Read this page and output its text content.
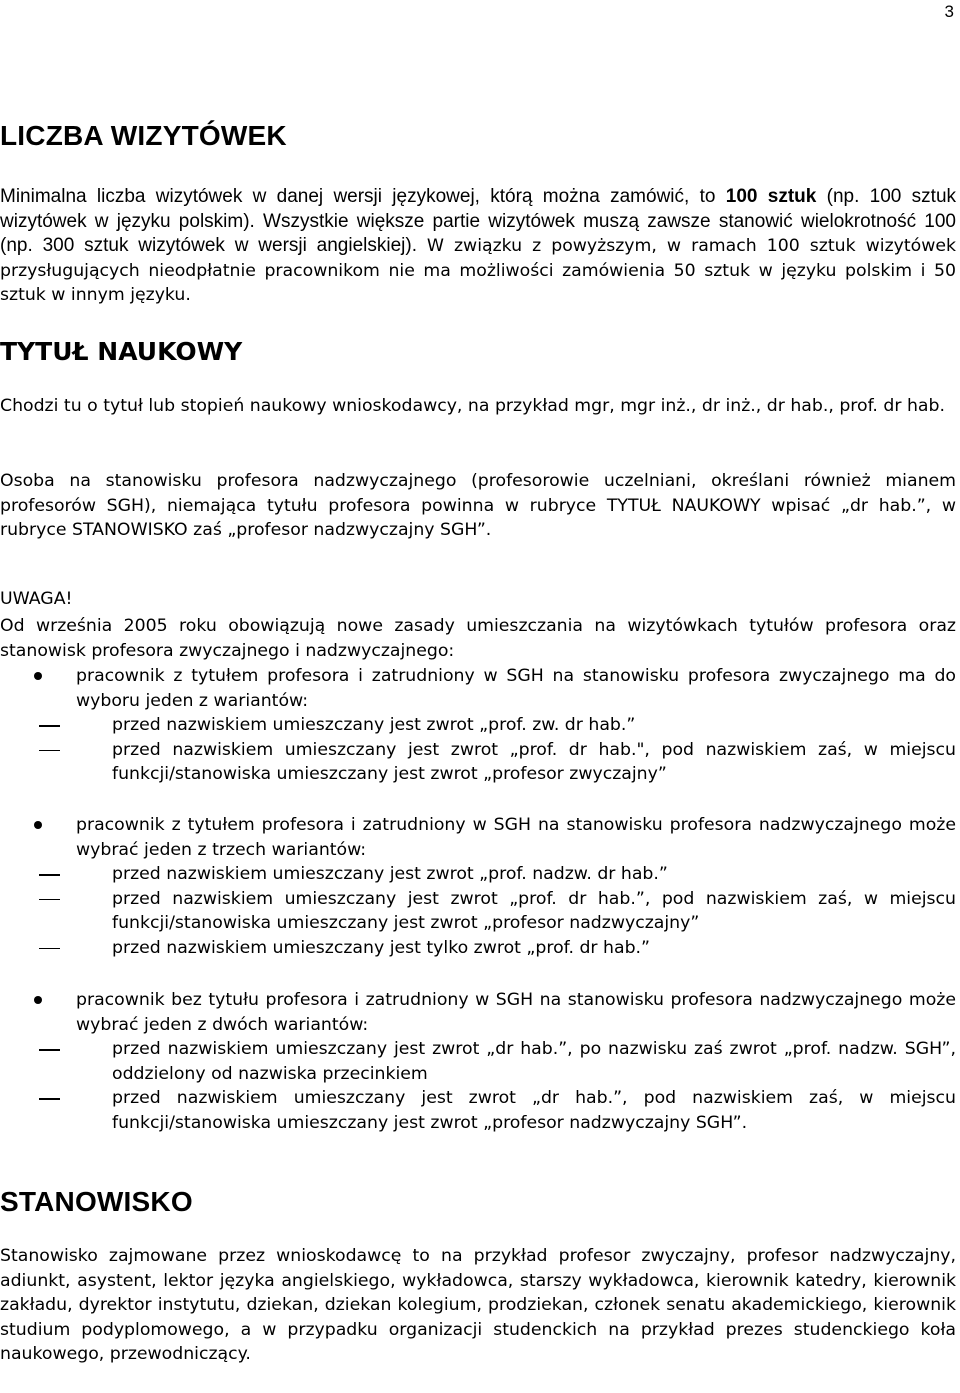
3
LICZBA WIZYTÓWEK

Minimalna liczba wizytówek w danej wersji językowej, którą można zamówić, to 100 sztuk (np. 100 sztuk wizytówek w języku polskim). Wszystkie większe partie wizytówek muszą zawsze stanowić wielokrotność 100 (np. 300 sztuk wizytówek w wersji angielskiej). W związku z powyższym, w ramach 100 sztuk wizytówek przysługujących nieodpłatnie pracownikom nie ma możliwości zamówienia 50 sztuk w języku polskim i 50 sztuk w innym języku.

TYTUŁ NAUKOWY

Chodzi tu o tytuł lub stopień naukowy wnioskodawcy, na przykład mgr, mgr inż., dr inż., dr hab., prof. dr hab.

Osoba na stanowisku profesora nadzwyczajnego (profesorowie uczelniani, określani również mianem profesorów SGH), niemająca tytułu profesora powinna w rubryce TYTUŁ NAUKOWY wpisać „dr hab.”, w rubryce STANOWISKO zaś „profesor nadzwyczajny SGH”.

UWAGA!

Od września 2005 roku obowiązują nowe zasady umieszczania na wizytówkach tytułów profesora oraz stanowisk profesora zwyczajnego i nadzwyczajnego:

pracownik z tytułem profesora i zatrudniony w SGH na stanowisku profesora zwyczajnego ma do wyboru jeden z wariantów:
przed nazwiskiem umieszczany jest zwrot „prof. zw. dr hab.”
przed nazwiskiem umieszczany jest zwrot „prof. dr hab.", pod nazwiskiem zaś, w miejscu funkcji/stanowiska umieszczany jest zwrot „profesor zwyczajny”
pracownik z tytułem profesora i zatrudniony w SGH na stanowisku profesora nadzwyczajnego może wybrać jeden z trzech wariantów:
przed nazwiskiem umieszczany jest zwrot „prof. nadzw. dr hab.”
przed nazwiskiem umieszczany jest zwrot „prof. dr hab.”, pod nazwiskiem zaś, w miejscu funkcji/stanowiska umieszczany jest zwrot „profesor nadzwyczajny”
przed nazwiskiem umieszczany jest tylko zwrot „prof. dr hab.”
pracownik bez tytułu profesora i zatrudniony w SGH na stanowisku profesora nadzwyczajnego może wybrać jeden z dwóch wariantów:
przed nazwiskiem umieszczany jest zwrot „dr hab.”, po nazwisku zaś zwrot „prof. nadzw. SGH”, oddzielony od nazwiska przecinkiem
przed nazwiskiem umieszczany jest zwrot „dr hab.”, pod nazwiskiem zaś, w miejscu funkcji/stanowiska umieszczany jest zwrot „profesor nadzwyczajny SGH”.
STANOWISKO

Stanowisko zajmowane przez wnioskodawcę to na przykład profesor zwyczajny, profesor nadzwyczajny, adiunkt, asystent, lektor języka angielskiego, wykładowca, starszy wykładowca, kierownik katedry, kierownik zakładu, dyrektor instytutu, dziekan, dziekan kolegium, prodziekan, członek senatu akademickiego, kierownik studium podyplomowego, a w przypadku organizacji studenckich na przykład prezes studenckiego koła naukowego, przewodniczący.
